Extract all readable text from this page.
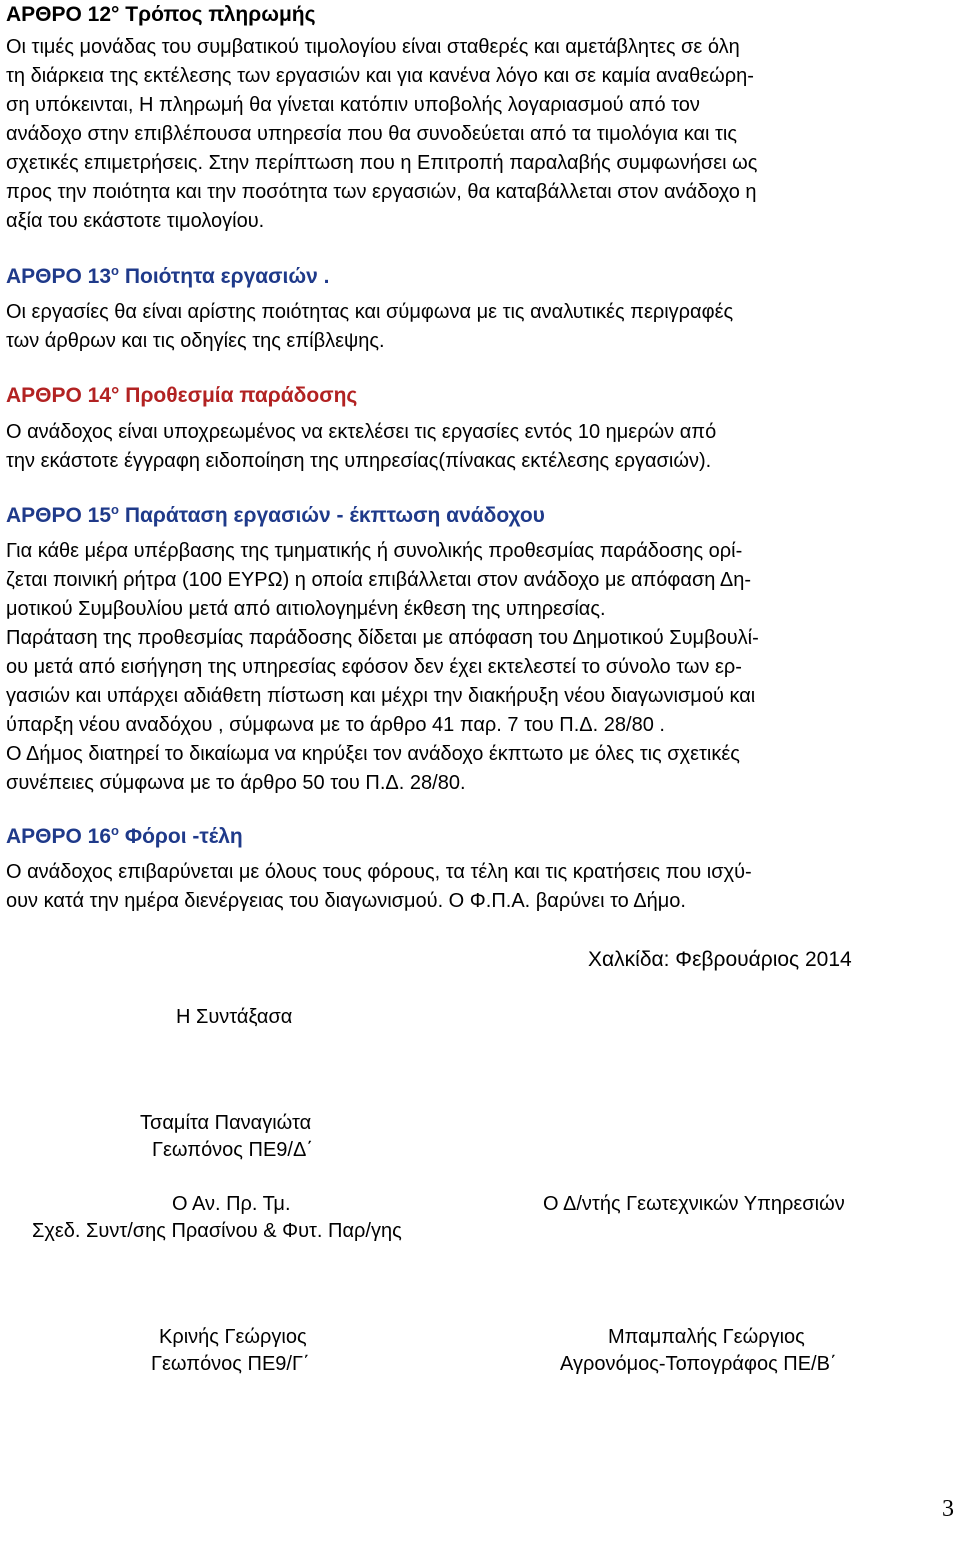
ΑΡΘΡΟ 12° Τρόπος πληρωμής
Οι τιμές μονάδας του συμβατικού τιμολογίου είναι σταθερές και αμετάβλητες σε όλη
τη διάρκεια της εκτέλεσης των εργασιών και για κανένα λόγο και σε καμία αναθεώρη-
ση υπόκεινται, Η πληρωμή θα γίνεται κατόπιν υποβολής λογαριασμού από τον
ανάδοχο στην επιβλέπουσα υπηρεσία που θα συνοδεύεται από τα τιμολόγια και τις
σχετικές επιμετρήσεις. Στην περίπτωση που η Επιτροπή παραλαβής συμφωνήσει ως
προς την ποιότητα και την ποσότητα των εργασιών, θα καταβάλλεται στον ανάδοχο η
αξία του εκάστοτε τιμολογίου.
ΑΡΘΡΟ $13^o$ Ποιότητα εργασιών .
Οι εργασίες θα είναι αρίστης ποιότητας και σύμφωνα με τις αναλυτικές περιγραφές
των άρθρων και τις οδηγίες της επίβλεψης.
ΑΡΘΡΟ 14° Προθεσμία παράδοσης
Ο ανάδοχος είναι υποχρεωμένος να εκτελέσει τις εργασίες εντός 10 ημερών από
την εκάστοτε έγγραφη ειδοποίηση της υπηρεσίας(πίνακας εκτέλεσης εργασιών).
ΑΡΘΡΟ $15^o$ Παράταση εργασιών - έκπτωση ανάδοχου
Για κάθε μέρα υπέρβασης της τμηματικής ή συνολικής προθεσμίας παράδοσης ορί-
ζεται ποινική ρήτρα (100 ΕΥΡΩ) η οποία επιβάλλεται στον ανάδοχο με απόφαση Δη-
μοτικού Συμβουλίου μετά από αιτιολογημένη έκθεση της υπηρεσίας.
Παράταση της προθεσμίας παράδοσης δίδεται με απόφαση του Δημοτικού Συμβουλί-
ου μετά από εισήγηση της υπηρεσίας εφόσον δεν έχει εκτελεστεί το σύνολο των ερ-
γασιών και υπάρχει αδιάθετη πίστωση και μέχρι την διακήρυξη νέου διαγωνισμού και
ύπαρξη νέου αναδόχου , σύμφωνα με το άρθρο 41 παρ. 7 του Π.Δ. 28/80 .
Ο Δήμος διατηρεί το δικαίωμα να κηρύξει τον ανάδοχο έκπτωτο με όλες τις σχετικές
συνέπειες σύμφωνα με το άρθρο 50 του Π.Δ. 28/80.
ΑΡΘΡΟ $16^o$ Φόροι -τέλη
Ο ανάδοχος επιβαρύνεται με όλους τους φόρους, τα τέλη και τις κρατήσεις που ισχύ-
ουν κατά την ημέρα διενέργειας του διαγωνισμού. Ο Φ.Π.Α. βαρύνει το Δήμο.
Χαλκίδα: Φεβρουάριος 2014
Η Συντάξασα
Τσαμίτα Παναγιώτα
Γεωπόνος ΠΕ9/Δ΄
Ο Αν. Πρ. Τμ.
Σχεδ. Συντ/σης Πρασίνου & Φυτ. Παρ/γης
Κρινής Γεώργιος
Γεωπόνος ΠΕ9/Γ΄
Ο Δ/ντής Γεωτεχνικών Υπηρεσιών
Μπαμπαλής Γεώργιος
Αγρονόμος-Τοπογράφος ΠΕ/Β΄
3
